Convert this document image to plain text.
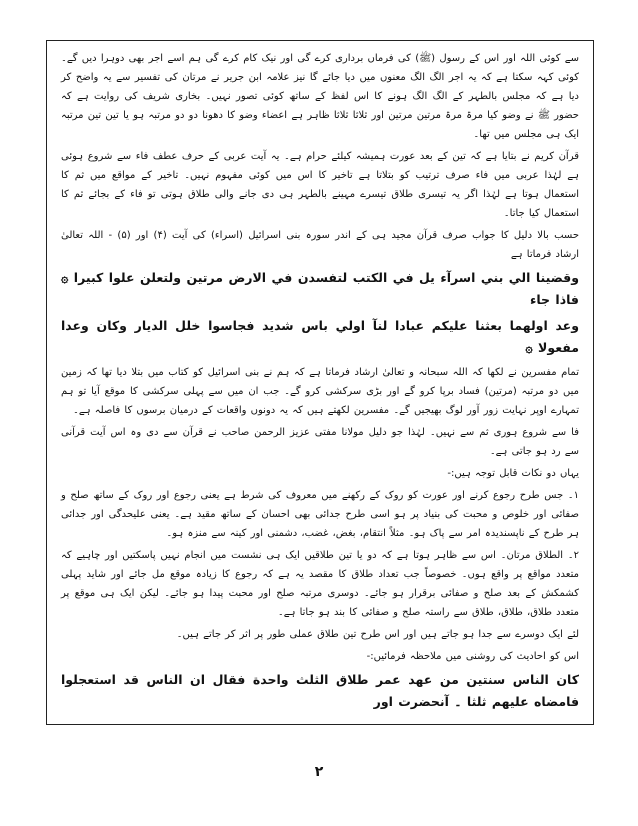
سے کوئی اللہ اور اس کے رسول (ﷺ) کی فرماں برداری کرے گی اور نیک کام کرے گی ہم اسے اجر بھی دوہرا دیں گے۔ کوئی کہہ سکتا ہے کہ یہ اجر الگ الگ معنوں میں دیا جائے گا نیز علامہ ابن جریر نے مرتان کی تفسیر سے یہ واضح کر دیا ہے کہ مجلس بالطہر کے الگ الگ ہونے کا اس لفظ کے ساتھ کوئی تصور نہیں۔ بخاری شریف کی روایت ہے کہ حضور ﷺ نے وضو کیا مرۃ مرۃ مرتین مرتین اور ثلاثا ثلاثا ظاہر ہے اعضاء وضو کا دھونا دو دو مرتبہ ہو یا تین تین مرتبہ ایک ہی مجلس میں تھا۔

قرآن کریم نے بتایا ہے کہ تین کے بعد عورت ہمیشہ کیلئے حرام ہے۔ یہ آیت عربی کے حرف عطف فاء سے شروع ہوئی ہے لہٰذا عربی میں فاء صرف ترتیب کو بتلاتا ہے تاخیر کا اس میں کوئی مفہوم نہیں۔ تاخیر کے مواقع میں ثم کا استعمال ہوتا ہے لہٰذا اگر یہ تیسری طلاق تیسرے مہینے بالطہر ہی دی جانے والی طلاق ہوتی تو فاء کے بجائے ثم کا استعمال کیا جاتا۔

حسب بالا دلیل کا جواب صرف قرآن مجید ہی کے اندر سورہ بنی اسرائیل (اسراء) کی آیت (۴) اور (۵) - اللہ تعالیٰ ارشاد فرماتا ہے

وقضينا الي بني اسرآء يل في الكتب لتفسدن في الارض مرتين ولتعلن علوا كبيرا ۞ فاذا جاء

وعد اولهما بعثنا عليكم عبادا لنآ اولي باس شديد فجاسوا خلل الديار وكان وعدا مفعولا ۞

تمام مفسرین نے لکھا کہ اللہ سبحانہ و تعالیٰ ارشاد فرماتا ہے کہ ہم نے بنی اسرائیل کو کتاب میں بتلا دیا تھا کہ زمین میں دو مرتبہ (مرتین) فساد برپا کرو گے اور بڑی سرکشی کرو گے۔ جب ان میں سے پہلی سرکشی کا موقع آیا تو ہم تمہارے اوپر نہایت زور آور لوگ بھیجیں گے۔ مفسرین لکھتے ہیں کہ یہ دونوں واقعات کے درمیان برسوں کا فاصلہ ہے۔

فا سے شروع ہوری ثم سے نہیں۔ لہٰذا جو دلیل مولانا مفتی عزیز الرحمن صاحب نے قرآن سے دی وہ اس آیت قرآنی سے رد ہو جاتی ہے۔

یہاں دو نکات قابل توجہ ہیں:-

۱۔ جس طرح رجوع کرنے اور عورت کو روک کے رکھنے میں معروف کی شرط ہے یعنی رجوع اور روک کے ساتھ صلح و صفائی اور خلوص و محبت کی بنیاد پر ہو اسی طرح جدائی بھی احسان کے ساتھ مقید ہے۔ یعنی علیحدگی اور جدائی ہر طرح کے ناپسندیدہ امر سے پاک ہو۔ مثلاً انتقام، بغض، غضب، دشمنی اور کینہ سے منزہ ہو۔

۲۔ الطلاق مرتان۔ اس سے ظاہر ہوتا ہے کہ دو یا تین طلاقیں ایک ہی نشست میں انجام نہیں پاسکتیں اور چاہیے کہ متعدد مواقع پر واقع ہوں۔ خصوصاً جب تعداد طلاق کا مقصد یہ ہے کہ رجوع کا زیادہ موقع مل جائے اور شاید پہلی کشمکش کے بعد صلح و صفائی برقرار ہو جائے۔ دوسری مرتبہ صلح اور محبت پیدا ہو جائے۔ لیکن ایک ہی موقع پر متعدد طلاق، طلاق، طلاق سے راستہ صلح و صفائی کا بند ہو جاتا ہے۔

لئے ایک دوسرے سے جدا ہو جاتے ہیں اور اس طرح تین طلاق عملی طور پر اثر کر جاتے ہیں۔

اس کو احادیث کی روشنی میں ملاحظہ فرمائیں:-

كان الناس سنتين من عهد عمر طلاق الثلث واحدة فقال ان الناس قد استعجلوا فامضاه عليهم ثلثا ۔ آنحضرت اور

۲
